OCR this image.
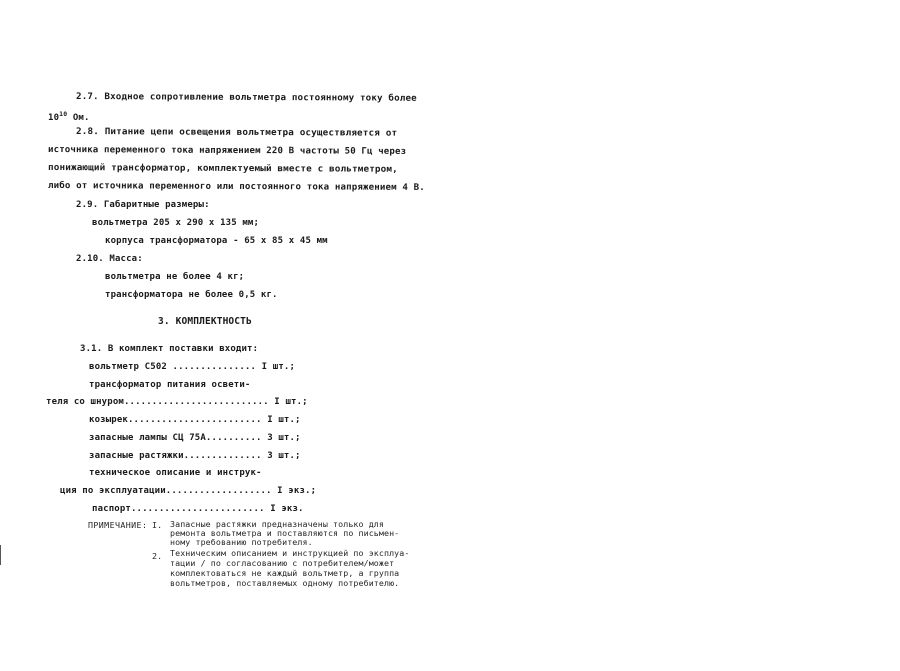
2.7. Входное сопротивление вольтметра постоянному току более
$10^{10}$ Ом.
2.8. Питание цепи освещения вольтметра осуществляется от
источника переменного тока напряжением 220 В частоты 50 Гц через
понижающий трансформатор, комплектуемый вместе с вольтметром,
либо от источника переменного или постоянного тока напряжением 4 В.
2.9. Габаритные размеры:
вольтметра 205 х 290 х 135 мм;
корпуса трансформатора - 65 х 85 х 45 мм
2.10. Масса:
вольтметра не более 4 кг;
трансформатора не более 0,5 кг.
3. КОМПЛЕКТНОСТЬ
3.1. В комплект поставки входит:
вольтметр С502 ............... I шт.;
трансформатор питания освети-
теля со шнуром.......................... I шт.;
козырек........................ I шт.;
запасные лампы СЦ 75А.......... 3 шт.;
запасные растяжки.............. 3 шт.;
техническое описание и инструк-
ция по эксплуатации................... I экз.;
паспорт........................ I экз.
ПРИМЕЧАНИЕ: I. Запасные растяжки предназначены только для
ремонта вольтметра и поставляются по письмен-
ному требованию потребителя.
2. Техническим описанием и инструкцией по эксплуа-
тации / по согласованию с потребителем/может
комплектоваться не каждый вольтметр, а группа
вольтметров, поставляемых одному потребителю.
